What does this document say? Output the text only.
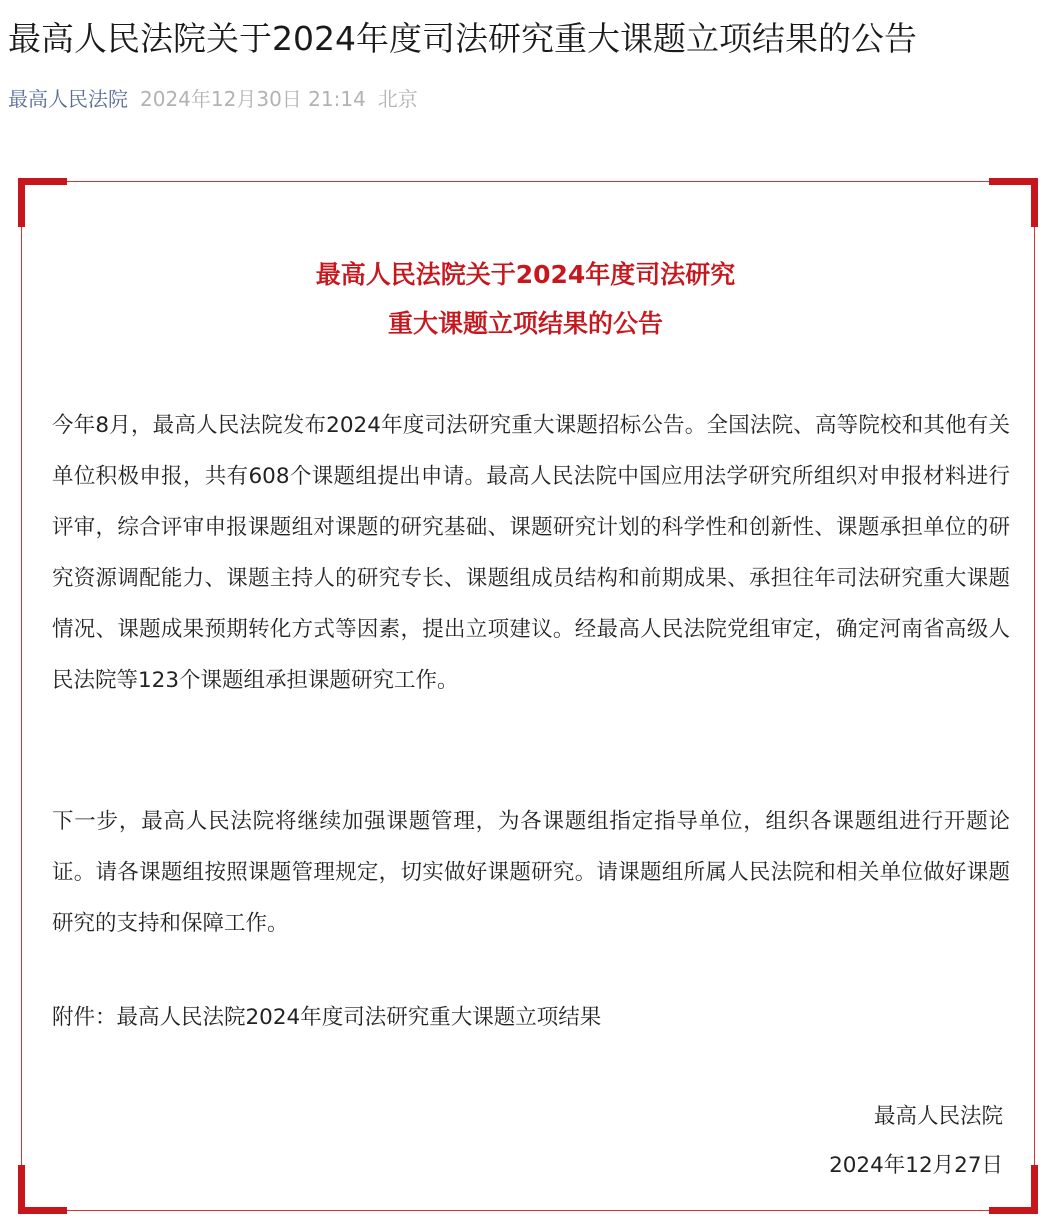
最高人民法院关于2024年度司法研究重大课题立项结果的公告
最高人民法院 2024年12月30日 21:14 北京
最高人民法院关于2024年度司法研究
重大课题立项结果的公告

今年8月，最高人民法院发布2024年度司法研究重大课题招标公告。全国法院、高等院校和其他有关单位积极申报，共有608个课题组提出申请。最高人民法院中国应用法学研究所组织对申报材料进行评审，综合评审申报课题组对课题的研究基础、课题研究计划的科学性和创新性、课题承担单位的研究资源调配能力、课题主持人的研究专长、课题组成员结构和前期成果、承担往年司法研究重大课题情况、课题成果预期转化方式等因素，提出立项建议。经最高人民法院党组审定，确定河南省高级人民法院等123个课题组承担课题研究工作。

下一步，最高人民法院将继续加强课题管理，为各课题组指定指导单位，组织各课题组进行开题论证。请各课题组按照课题管理规定，切实做好课题研究。请课题组所属人民法院和相关单位做好课题研究的支持和保障工作。

附件：最高人民法院2024年度司法研究重大课题立项结果

最高人民法院
2024年12月27日
